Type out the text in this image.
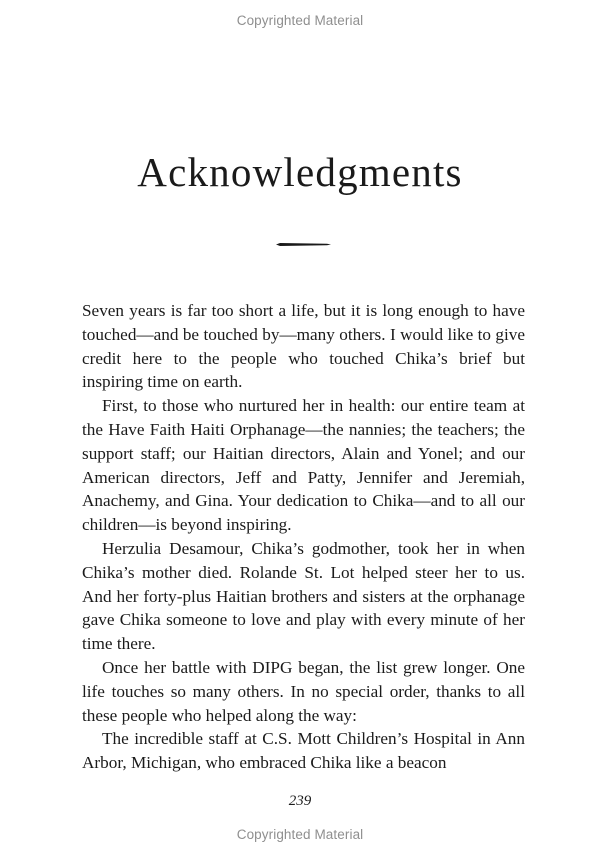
Copyrighted Material
Acknowledgments

Seven years is far too short a life, but it is long enough to have touched—and be touched by—many others. I would like to give credit here to the people who touched Chika’s brief but inspiring time on earth.

First, to those who nurtured her in health: our entire team at the Have Faith Haiti Orphanage—the nannies; the teachers; the support staff; our Haitian directors, Alain and Yonel; and our American directors, Jeff and Patty, Jennifer and Jeremiah, Anachemy, and Gina. Your dedication to Chika—and to all our children—is beyond inspiring.

Herzulia Desamour, Chika’s godmother, took her in when Chika’s mother died. Rolande St. Lot helped steer her to us. And her forty-plus Haitian brothers and sisters at the orphanage gave Chika someone to love and play with every minute of her time there.

Once her battle with DIPG began, the list grew longer. One life touches so many others. In no special order, thanks to all these people who helped along the way:

The incredible staff at C.S. Mott Children’s Hospital in Ann Arbor, Michigan, who embraced Chika like a beacon

239
Copyrighted Material
